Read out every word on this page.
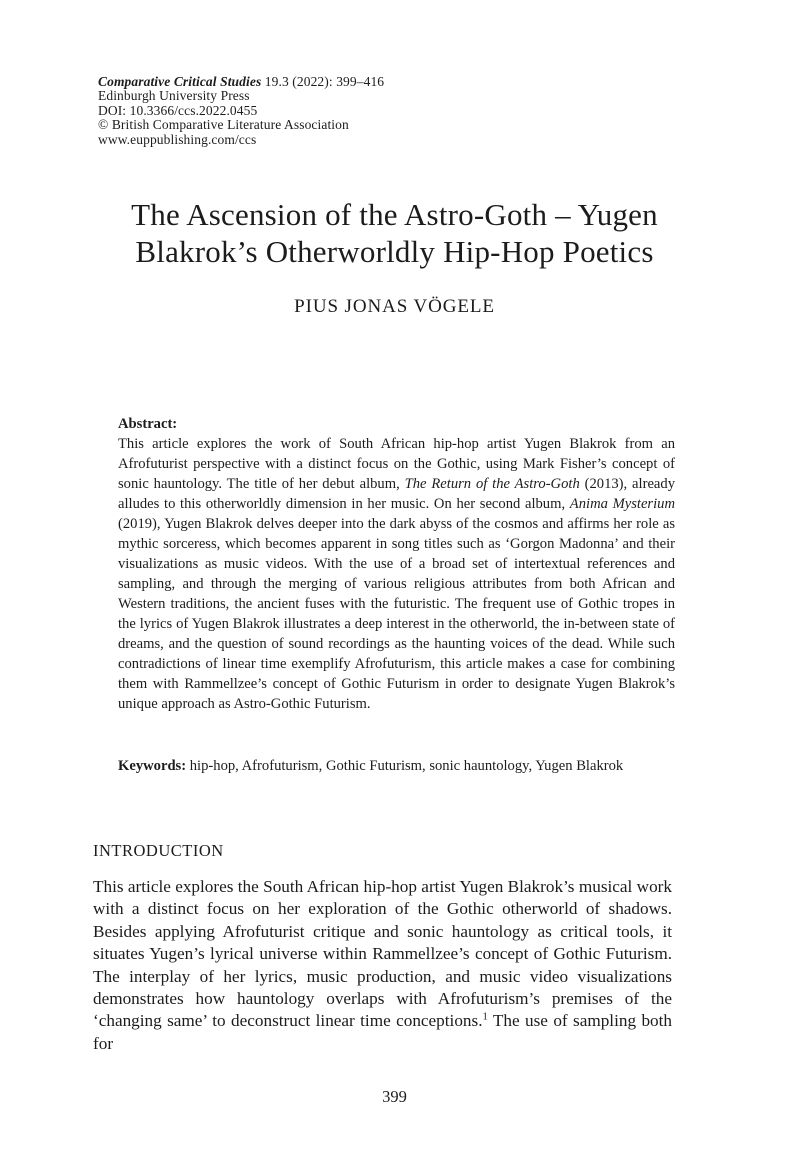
Comparative Critical Studies 19.3 (2022): 399–416
Edinburgh University Press
DOI: 10.3366/ccs.2022.0455
© British Comparative Literature Association
www.euppublishing.com/ccs
The Ascension of the Astro-Goth – Yugen
Blakrok’s Otherworldly Hip-Hop Poetics
PIUS JONAS VÖGELE
Abstract:

This article explores the work of South African hip-hop artist Yugen Blakrok from an Afrofuturist perspective with a distinct focus on the Gothic, using Mark Fisher’s concept of sonic hauntology. The title of her debut album, The Return of the Astro-Goth (2013), already alludes to this otherworldly dimension in her music. On her second album, Anima Mysterium (2019), Yugen Blakrok delves deeper into the dark abyss of the cosmos and affirms her role as mythic sorceress, which becomes apparent in song titles such as ‘Gorgon Madonna’ and their visualizations as music videos. With the use of a broad set of intertextual references and sampling, and through the merging of various religious attributes from both African and Western traditions, the ancient fuses with the futuristic. The frequent use of Gothic tropes in the lyrics of Yugen Blakrok illustrates a deep interest in the otherworld, the in-between state of dreams, and the question of sound recordings as the haunting voices of the dead. While such contradictions of linear time exemplify Afrofuturism, this article makes a case for combining them with Rammellzee’s concept of Gothic Futurism in order to designate Yugen Blakrok’s unique approach as Astro-Gothic Futurism.

Keywords: hip-hop, Afrofuturism, Gothic Futurism, sonic hauntology, Yugen Blakrok

INTRODUCTION

This article explores the South African hip-hop artist Yugen Blakrok’s musical work with a distinct focus on her exploration of the Gothic otherworld of shadows. Besides applying Afrofuturist critique and sonic hauntology as critical tools, it situates Yugen’s lyrical universe within Rammellzee’s concept of Gothic Futurism. The interplay of her lyrics, music production, and music video visualizations demonstrates how hauntology overlaps with Afrofuturism’s premises of the ‘changing same’ to deconstruct linear time conceptions.$^1$ The use of sampling both for

399
